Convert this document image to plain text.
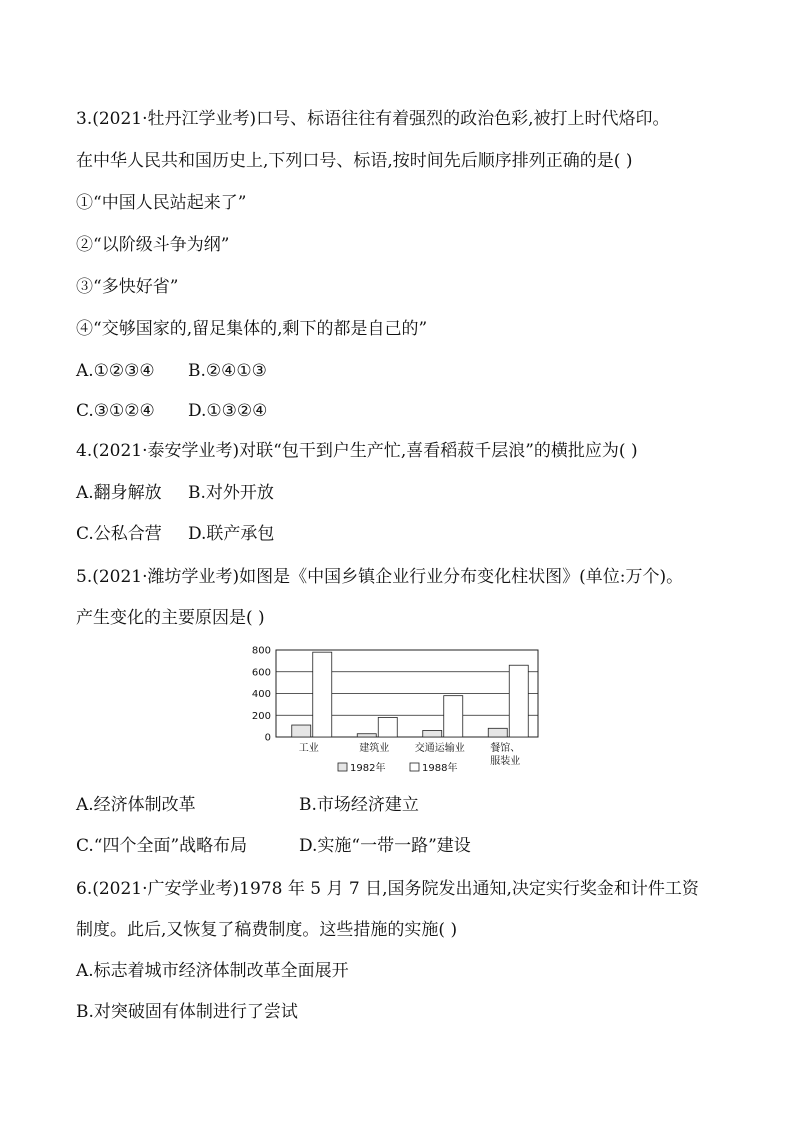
3.(2021·牡丹江学业考)口号、标语往往有着强烈的政治色彩,被打上时代烙印。
在中华人民共和国历史上,下列口号、标语,按时间先后顺序排列正确的是( )
①“中国人民站起来了”
②“以阶级斗争为纲”
③“多快好省”
④“交够国家的,留足集体的,剩下的都是自己的”
A.①②③④ B.②④①③
C.③①②④ D.①③②④
4.(2021·泰安学业考)对联“包干到户生产忙,喜看稻菽千层浪”的横批应为( )
A.翻身解放 B.对外开放
C.公私合营 D.联产承包
5.(2021·潍坊学业考)如图是《中国乡镇企业行业分布变化柱状图》(单位:万个)。
产生变化的主要原因是( )
0
200
400
600
800
工业	建筑业	交通运输业	餐馆、
服装业
1982年	1988年
A.经济体制改革	B.市场经济建立
C.“四个全面”战略布局	D.实施“一带一路”建设
6.(2021·广安学业考)1978 年 5 月 7 日,国务院发出通知,决定实行奖金和计件工资
制度。此后,又恢复了稿费制度。这些措施的实施( )
A.标志着城市经济体制改革全面展开
B.对突破固有体制进行了尝试
